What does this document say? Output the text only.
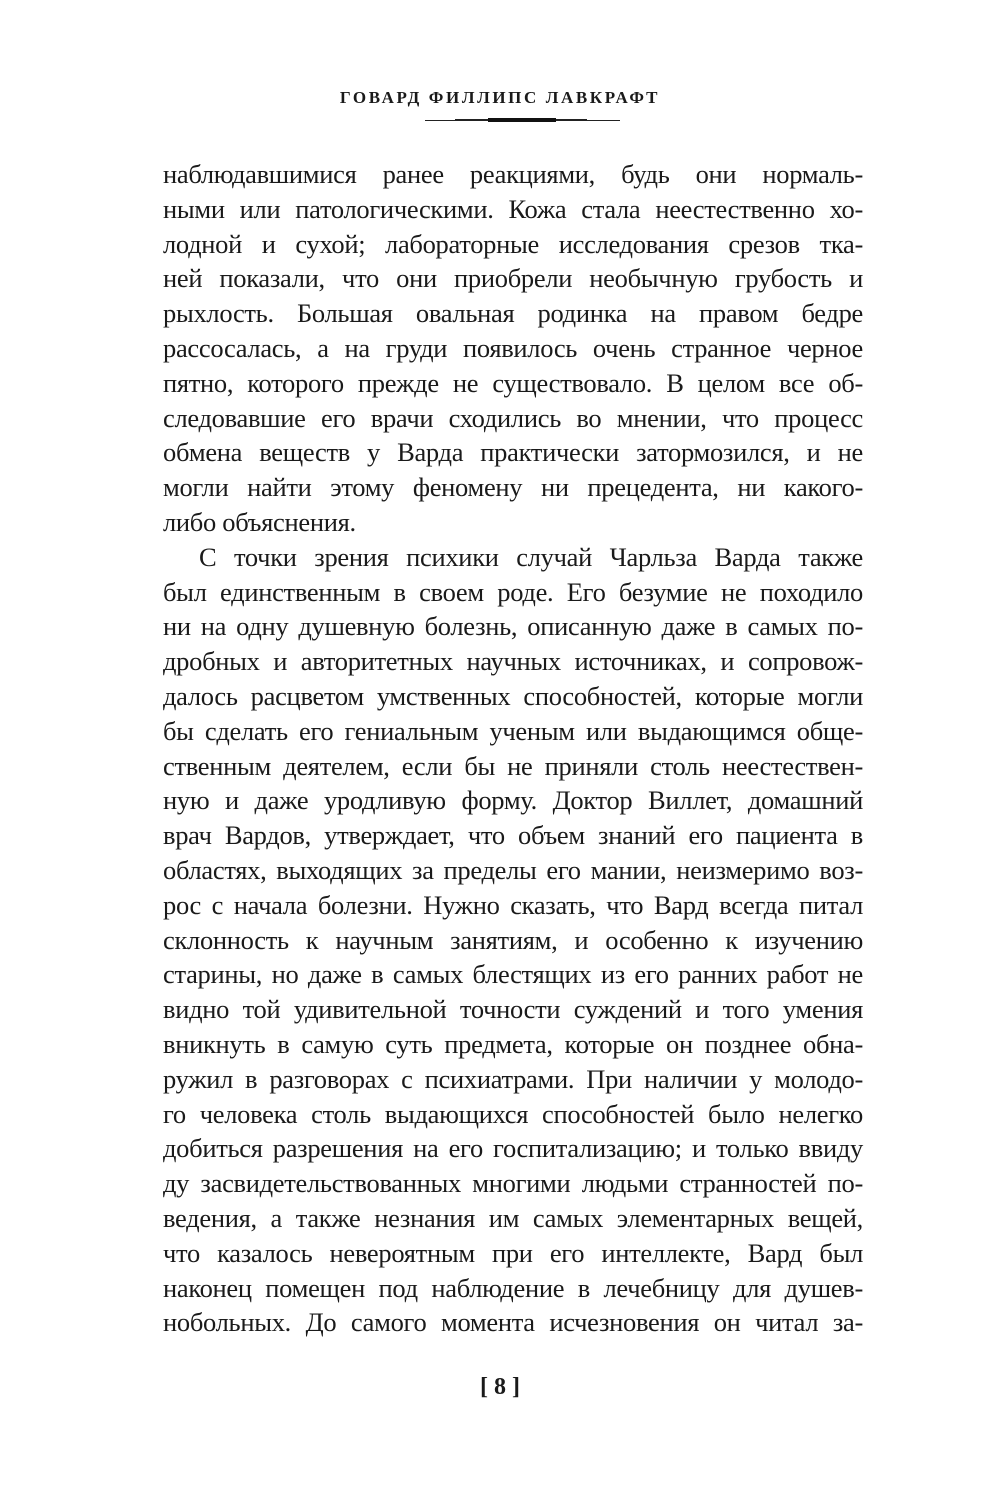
ГОВАРД ФИЛЛИПС ЛАВКРАФТ
наблюдавшимися ранее реакциями, будь они нормаль-
ными или патологическими. Кожа стала неестественно хо-
лодной и сухой; лабораторные исследования срезов тка-
ней показали, что они приобрели необычную грубость и
рыхлость. Большая овальная родинка на правом бедре
рассосалась, а на груди появилось очень странное черное
пятно, которого прежде не существовало. В целом все об-
следовавшие его врачи сходились во мнении, что процесс
обмена веществ у Варда практически затормозился, и не
могли найти этому феномену ни прецедента, ни какого-
либо объяснения.
С точки зрения психики случай Чарльза Варда также
был единственным в своем роде. Его безумие не походило
ни на одну душевную болезнь, описанную даже в самых по-
дробных и авторитетных научных источниках, и сопровож-
далось расцветом умственных способностей, которые могли
бы сделать его гениальным ученым или выдающимся обще-
ственным деятелем, если бы не приняли столь неестествен-
ную и даже уродливую форму. Доктор Виллет, домашний
врач Вардов, утверждает, что объем знаний его пациента в
областях, выходящих за пределы его мании, неизмеримо воз-
рос с начала болезни. Нужно сказать, что Вард всегда питал
склонность к научным занятиям, и особенно к изучению
старины, но даже в самых блестящих из его ранних работ не
видно той удивительной точности суждений и того умения
вникнуть в самую суть предмета, которые он позднее обна-
ружил в разговорах с психиатрами. При наличии у молодо-
го человека столь выдающихся способностей было нелегко
добиться разрешения на его госпитализацию; и только ввиду
ду засвидетельствованных многими людьми странностей по-
ведения, а также незнания им самых элементарных вещей,
что казалось невероятным при его интеллекте, Вард был
наконец помещен под наблюдение в лечебницу для душев-
нобольных. До самого момента исчезновения он читал за-
[ 8 ]
